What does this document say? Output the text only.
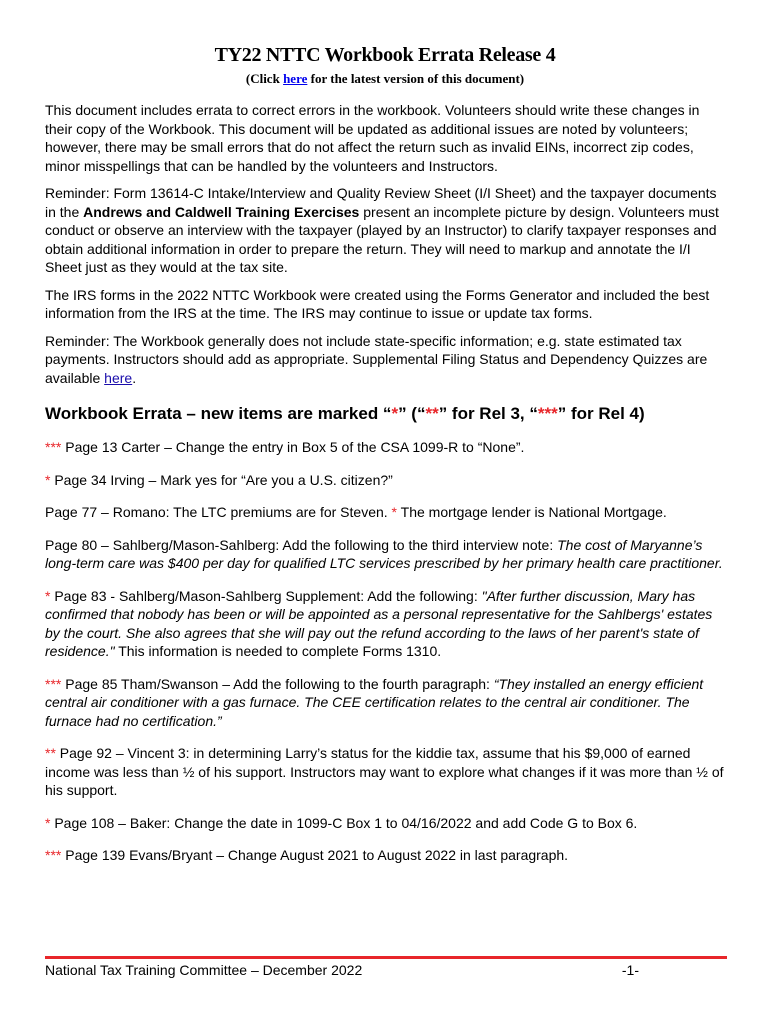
TY22 NTTC Workbook Errata Release 4
(Click here for the latest version of this document)

This document includes errata to correct errors in the workbook. Volunteers should write these changes in their copy of the Workbook. This document will be updated as additional issues are noted by volunteers; however, there may be small errors that do not affect the return such as invalid EINs, incorrect zip codes, minor misspellings that can be handled by the volunteers and Instructors.

Reminder: Form 13614-C Intake/Interview and Quality Review Sheet (I/I Sheet) and the taxpayer documents in the Andrews and Caldwell Training Exercises present an incomplete picture by design. Volunteers must conduct or observe an interview with the taxpayer (played by an Instructor) to clarify taxpayer responses and obtain additional information in order to prepare the return. They will need to markup and annotate the I/I Sheet just as they would at the tax site.

The IRS forms in the 2022 NTTC Workbook were created using the Forms Generator and included the best information from the IRS at the time. The IRS may continue to issue or update tax forms.

Reminder: The Workbook generally does not include state-specific information; e.g. state estimated tax payments. Instructors should add as appropriate. Supplemental Filing Status and Dependency Quizzes are available here.

Workbook Errata – new items are marked “*” (“**” for Rel 3, “***” for Rel 4)

*** Page 13 Carter – Change the entry in Box 5 of the CSA 1099-R to “None”.

* Page 34 Irving – Mark yes for “Are you a U.S. citizen?”

Page 77 – Romano: The LTC premiums are for Steven. * The mortgage lender is National Mortgage.

Page 80 – Sahlberg/Mason-Sahlberg: Add the following to the third interview note: The cost of Maryanne’s long-term care was $400 per day for qualified LTC services prescribed by her primary health care practitioner.

* Page 83 - Sahlberg/Mason-Sahlberg Supplement: Add the following: "After further discussion, Mary has confirmed that nobody has been or will be appointed as a personal representative for the Sahlbergs' estates by the court. She also agrees that she will pay out the refund according to the laws of her parent's state of residence." This information is needed to complete Forms 1310.

*** Page 85 Tham/Swanson – Add the following to the fourth paragraph: “They installed an energy efficient central air conditioner with a gas furnace. The CEE certification relates to the central air conditioner. The furnace had no certification.”

** Page 92 – Vincent 3: in determining Larry’s status for the kiddie tax, assume that his $9,000 of earned income was less than ½ of his support. Instructors may want to explore what changes if it was more than ½ of his support.

* Page 108 – Baker: Change the date in 1099-C Box 1 to 04/16/2022 and add Code G to Box 6.

*** Page 139 Evans/Bryant – Change August 2021 to August 2022 in last paragraph.

National Tax Training Committee – December 2022	-1-
